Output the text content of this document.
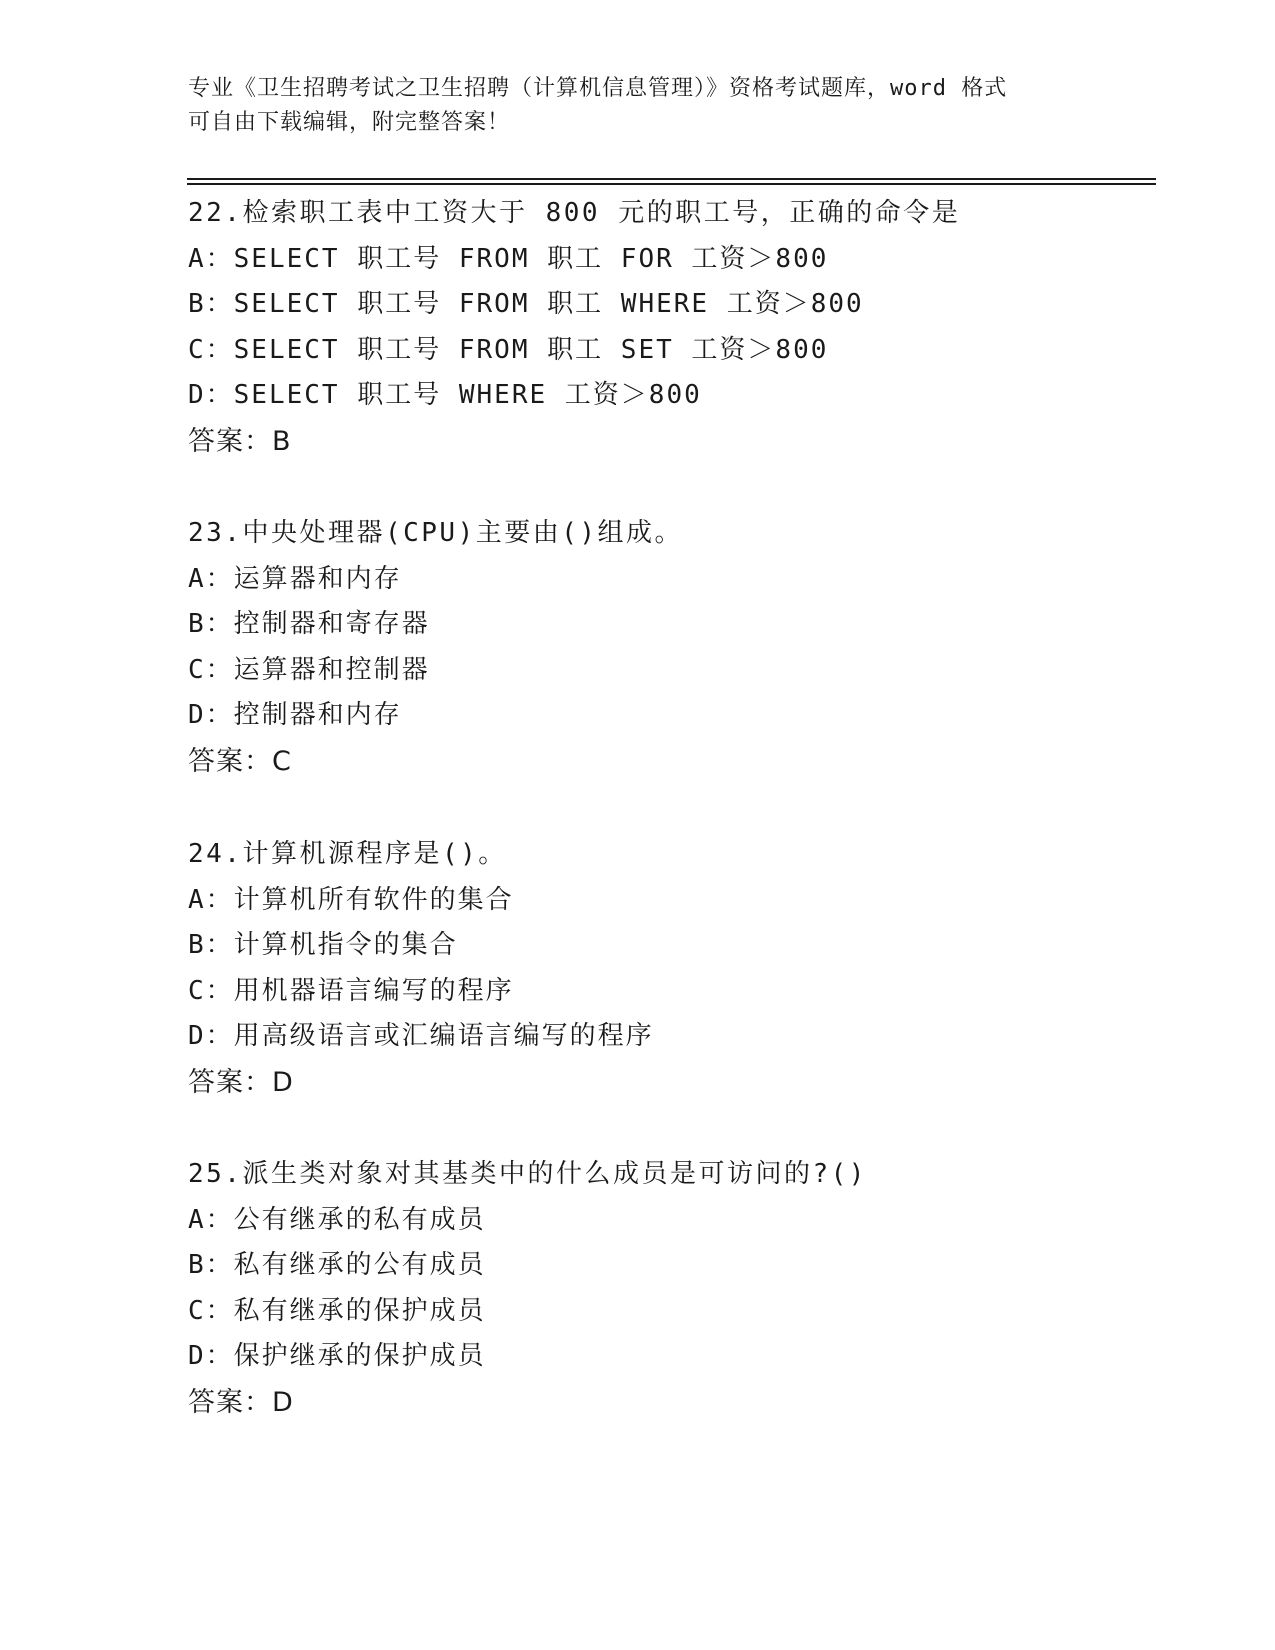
专业《卫生招聘考试之卫生招聘（计算机信息管理）》资格考试题库，word 格式
可自由下载编辑，附完整答案！
22.检索职工表中工资大于 800 元的职工号，正确的命令是
A：SELECT 职工号 FROM 职工 FOR 工资＞800
B：SELECT 职工号 FROM 职工 WHERE 工资＞800
C：SELECT 职工号 FROM 职工 SET 工资＞800
D：SELECT 职工号 WHERE 工资＞800
答案：B
23.中央处理器(CPU)主要由()组成。
A：运算器和内存
B：控制器和寄存器
C：运算器和控制器
D：控制器和内存
答案：C
24.计算机源程序是()。
A：计算机所有软件的集合
B：计算机指令的集合
C：用机器语言编写的程序
D：用高级语言或汇编语言编写的程序
答案：D
25.派生类对象对其基类中的什么成员是可访问的?()
A：公有继承的私有成员
B：私有继承的公有成员
C：私有继承的保护成员
D：保护继承的保护成员
答案：D
